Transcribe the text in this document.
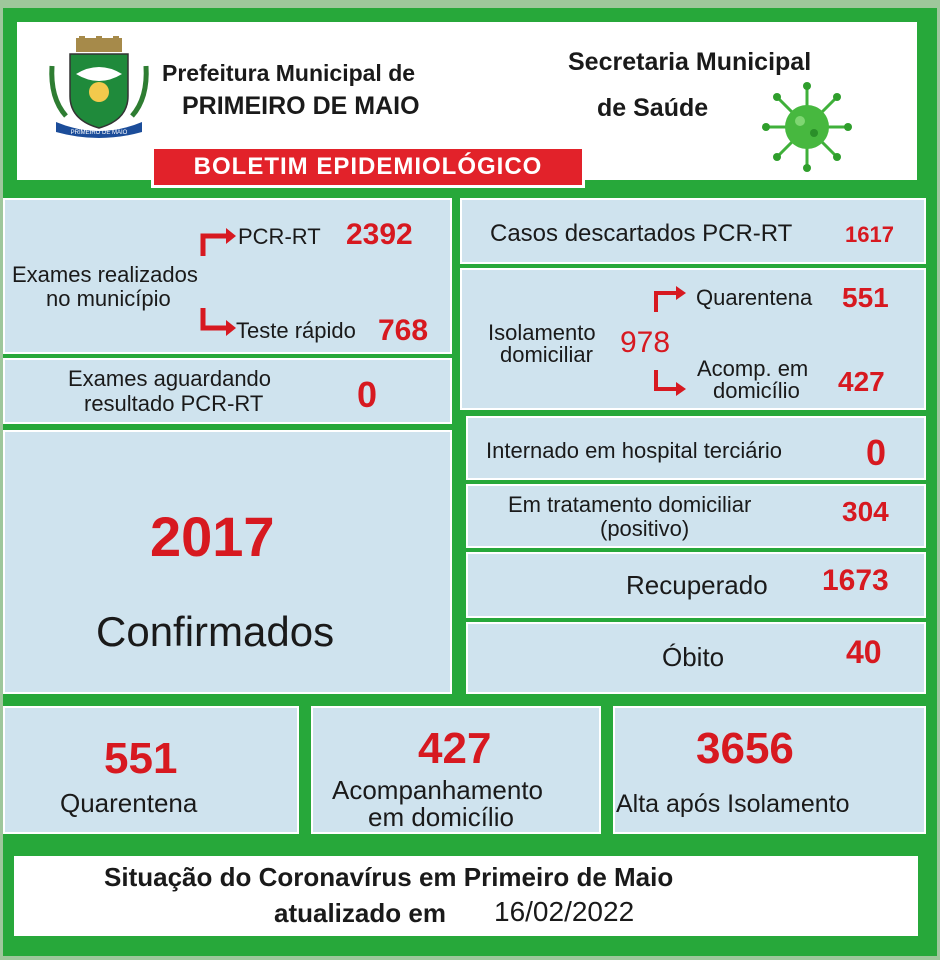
PRIMEIRO DE MAIO
Prefeitura Municipal de
PRIMEIRO DE MAIO
BOLETIM EPIDEMIOLÓGICO
Secretaria Municipal
de Saúde
Exames realizados
no município
PCR-RT 2392
Teste rápido 768
Exames aguardando
resultado PCR-RT	0
2017
Confirmados
Casos descartados PCR-RT 1617
Isolamento
domiciliar 978
Quarentena 551
Acomp. em
domicílio 427
Internado em hospital terciário 0
Em tratamento domiciliar
(positivo)
304
Recuperado 1673
Óbito	40
551
Quarentena
427
Acompanhamento
em domicílio
3656
Alta após Isolamento
Situação do Coronavírus em Primeiro de Maio
atualizado em 16/02/2022
